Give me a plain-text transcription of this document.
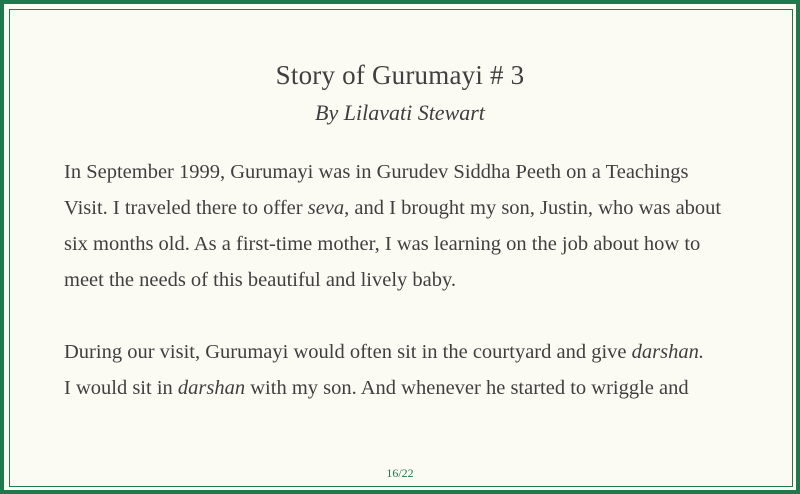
Story of Gurumayi # 3
By Lilavati Stewart

In September 1999, Gurumayi was in Gurudev Siddha Peeth on a Teachings
Visit. I traveled there to offer seva, and I brought my son, Justin, who was about
six months old. As a first-time mother, I was learning on the job about how to
meet the needs of this beautiful and lively baby.

During our visit, Gurumayi would often sit in the courtyard and give darshan.
I would sit in darshan with my son. And whenever he started to wriggle and

16/22
